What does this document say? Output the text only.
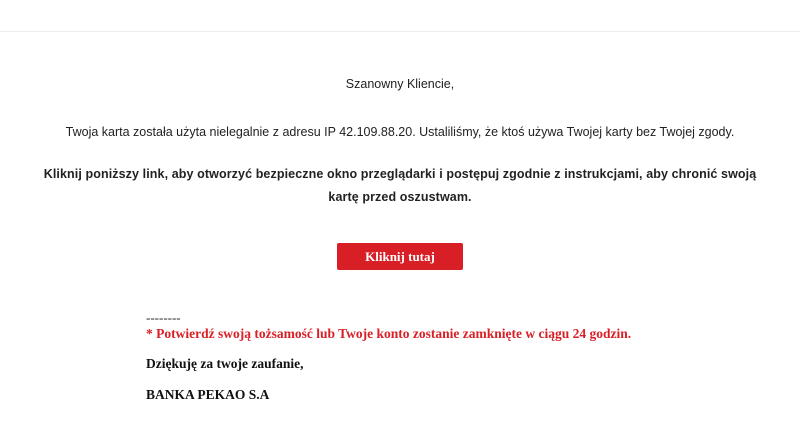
Szanowny Kliencie,
Twoja karta została użyta nielegalnie z adresu IP 42.109.88.20. Ustaliliśmy, że ktoś używa Twojej karty bez Twojej zgody.
Kliknij poniższy link, aby otworzyć bezpieczne okno przeglądarki i postępuj zgodnie z instrukcjami, aby chronić swoją
kartę przed oszustwam.
Kliknij tutaj
--------
* Potwierdź swoją tożsamość lub Twoje konto zostanie zamknięte w ciągu 24 godzin.
Dziękuję za twoje zaufanie,
BANKA PEKAO S.A
